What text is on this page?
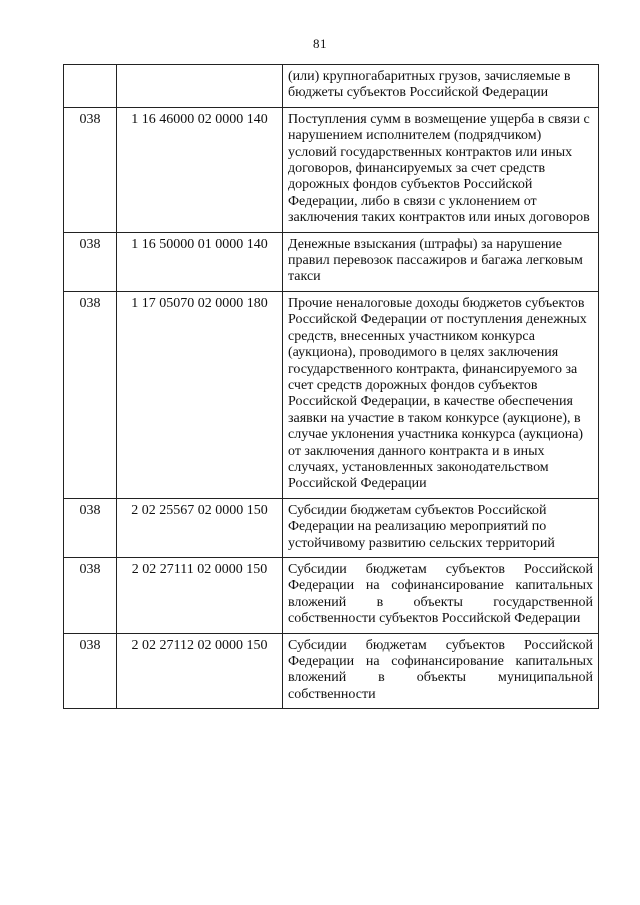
81
		(или) крупногабаритных грузов, зачисляемые в бюджеты субъектов Российской Федерации
038	1 16 46000 02 0000 140	Поступления сумм в возмещение ущерба в связи с нарушением исполнителем (подрядчиком) условий государственных контрактов или иных договоров, финансируемых за счет средств дорожных фондов субъектов Российской Федерации, либо в связи с уклонением от заключения таких контрактов или иных договоров
038	1 16 50000 01 0000 140	Денежные взыскания (штрафы) за нарушение правил перевозок пассажиров и багажа легковым такси
038	1 17 05070 02 0000 180	Прочие неналоговые доходы бюджетов субъектов Российской Федерации от поступления денежных средств, внесенных участником конкурса (аукциона), проводимого в целях заключения государственного контракта, финансируемого за счет средств дорожных фондов субъектов Российской Федерации, в качестве обеспечения заявки на участие в таком конкурсе (аукционе), в случае уклонения участника конкурса (аукциона) от заключения данного контракта и в иных случаях, установленных законодательством Российской Федерации
038	2 02 25567 02 0000 150	Субсидии бюджетам субъектов Российской Федерации на реализацию мероприятий по устойчивому развитию сельских территорий
038	2 02 27111 02 0000 150	Субсидии бюджетам субъектов Российской Федерации на софинансирование капитальных вложений в объекты государственной собственности субъектов Российской Федерации
038	2 02 27112 02 0000 150	Субсидии бюджетам субъектов Российской Федерации на софинансирование капитальных вложений в объекты муниципальной собственности
